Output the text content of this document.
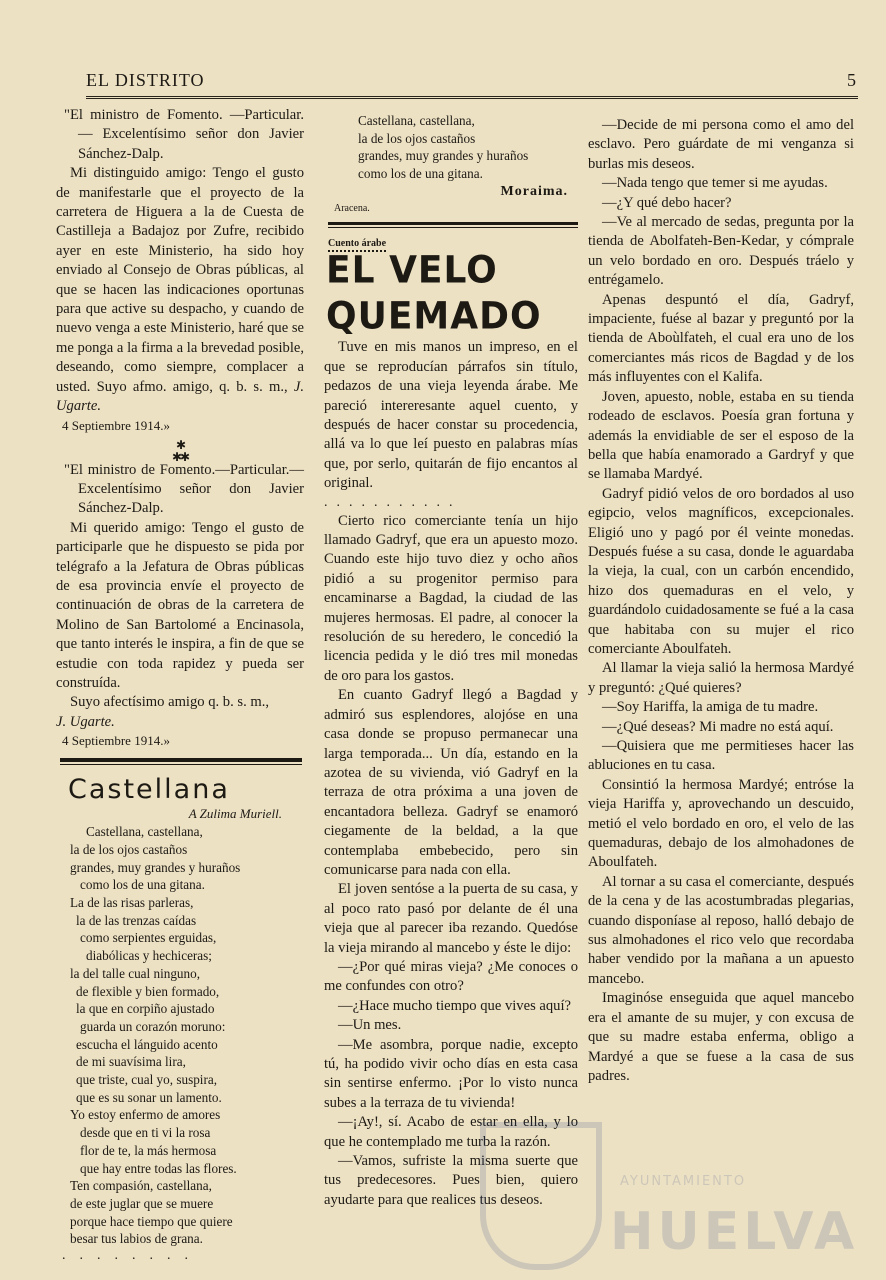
EL DISTRITO	5

"El ministro de Fomento. —Particular.— Excelentísimo señor don Javier Sánchez-Dalp.

Mi distinguido amigo: Tengo el gusto de manifestarle que el proyecto de la carretera de Higuera a la de Cuesta de Castilleja a Badajoz por Zufre, recibido ayer en este Ministerio, ha sido hoy enviado al Consejo de Obras públicas, al que se hacen las indicaciones oportunas para que active su despacho, y cuando de nuevo venga a este Ministerio, haré que se me ponga a la firma a la brevedad posible, deseando, como siempre, complacer a usted. Suyo afmo. amigo, q. b. s. m., J. Ugarte.

4 Septiembre 1914.»
✱
✱✱

"El ministro de Fomento.—Particular.— Excelentísimo señor don Javier Sánchez-Dalp.

Mi querido amigo: Tengo el gusto de participarle que he dispuesto se pida por telégrafo a la Jefatura de Obras públicas de esa provincia envíe el proyecto de continuación de obras de la carretera de Molino de San Bartolomé a Encinasola, que tanto interés le inspira, a fin de que se estudie con toda rapidez y pueda ser construída.

Suyo afectísimo amigo q. b. s. m.,

J. Ugarte.
4 Septiembre 1914.»
Castellana
A Zulima Muriell.
Castellana, castellana,
la de los ojos castaños
grandes, muy grandes y huraños
como los de una gitana.
La de las risas parleras,
la de las trenzas caídas
como serpientes erguidas,
diabólicas y hechiceras;
la del talle cual ninguno,
de flexible y bien formado,
la que en corpiño ajustado
guarda un corazón moruno:
escucha el lánguido acento
de mi suavísima lira,
que triste, cual yo, suspira,
que es su sonar un lamento.
Yo estoy enfermo de amores
desde que en ti vi la rosa
flor de te, la más hermosa
que hay entre todas las flores.
Ten compasión, castellana,
de este juglar que se muere
porque hace tiempo que quiere
besar tus labios de grana.
........
Castellana, castellana,
la de los ojos castaños
grandes, muy grandes y huraños
como los de una gitana.
Moraima.
Aracena.
Cuento árabe
EL VELO QUEMADO

Tuve en mis manos un impreso, en el que se reproducían párrafos sin título, pedazos de una vieja leyenda árabe. Me pareció intereresante aquel cuento, y después de hacer constar su procedencia, allá va lo que leí puesto en palabras mías que, por serlo, quitarán de fijo encantos al original.

...........

Cierto rico comerciante tenía un hijo llamado Gadryf, que era un apuesto mozo. Cuando este hijo tuvo diez y ocho años pidió a su progenitor permiso para encaminarse a Bagdad, la ciudad de las mujeres hermosas. El padre, al conocer la resolución de su heredero, le concedió la licencia pedida y le dió tres mil monedas de oro para los gastos.

En cuanto Gadryf llegó a Bagdad y admiró sus esplendores, alojóse en una casa donde se propuso permanecar una larga temporada... Un día, estando en la azotea de su vivienda, vió Gadryf en la terraza de otra próxima a una joven de encantadora belleza. Gadryf se enamoró ciegamente de la beldad, a la que contemplaba embebecido, pero sin comunicarse para nada con ella.

El joven sentóse a la puerta de su casa, y al poco rato pasó por delante de él una vieja que al parecer iba rezando. Quedóse la vieja mirando al mancebo y éste le dijo:

—¿Por qué miras vieja? ¿Me conoces o me confundes con otro?

—¿Hace mucho tiempo que vives aquí?

—Un mes.

—Me asombra, porque nadie, excepto tú, ha podido vivir ocho días en esta casa sin sentirse enfermo. ¡Por lo visto nunca subes a la terraza de tu vivienda!

—¡Ay!, sí. Acabo de estar en ella, y lo que he contemplado me turba la razón.

—Vamos, sufriste la misma suerte que tus predecesores. Pues bien, quiero ayudarte para que realices tus deseos.

—Decide de mi persona como el amo del esclavo. Pero guárdate de mi venganza si burlas mis deseos.

—Nada tengo que temer si me ayudas.

—¿Y qué debo hacer?

—Ve al mercado de sedas, pregunta por la tienda de Abolfateh-Ben-Kedar, y cómprale un velo bordado en oro. Después tráelo y entrégamelo.

Apenas despuntó el día, Gadryf, impaciente, fuése al bazar y preguntó por la tienda de Aboùlfateh, el cual era uno de los comerciantes más ricos de Bagdad y de los más influyentes con el Kalifa.

Joven, apuesto, noble, estaba en su tienda rodeado de esclavos. Poesía gran fortuna y además la envidiable de ser el esposo de la bella que había enamorado a Gardryf y que se llamaba Mardyé.

Gadryf pidió velos de oro bordados al uso egipcio, velos magníficos, excepcionales. Eligió uno y pagó por él veinte monedas. Después fuése a su casa, donde le aguardaba la vieja, la cual, con un carbón encendido, hizo dos quemaduras en el velo, y guardándolo cuidadosamente se fué a la casa que habitaba con su mujer el rico comerciante Aboulfateh.

Al llamar la vieja salió la hermosa Mardyé y preguntó: ¿Qué quieres?

—Soy Hariffa, la amiga de tu madre.

—¿Qué deseas? Mi madre no está aquí.

—Quisiera que me permitieses hacer las abluciones en tu casa.

Consintió la hermosa Mardyé; entróse la vieja Hariffa y, aprovechando un descuido, metió el velo bordado en oro, el velo de las quemaduras, debajo de los almohadones de Aboulfateh.

Al tornar a su casa el comerciante, después de la cena y de las acostumbradas plegarias, cuando disponíase al reposo, halló debajo de sus almohadones el rico velo que recordaba haber vendido por la mañana a un apuesto mancebo.

Imaginóse enseguida que aquel mancebo era el amante de su mujer, y con excusa de que su madre estaba enferma, obligo a Mardyé a que se fuese a la casa de sus padres.

AYUNTAMIENTO
HUELVA
